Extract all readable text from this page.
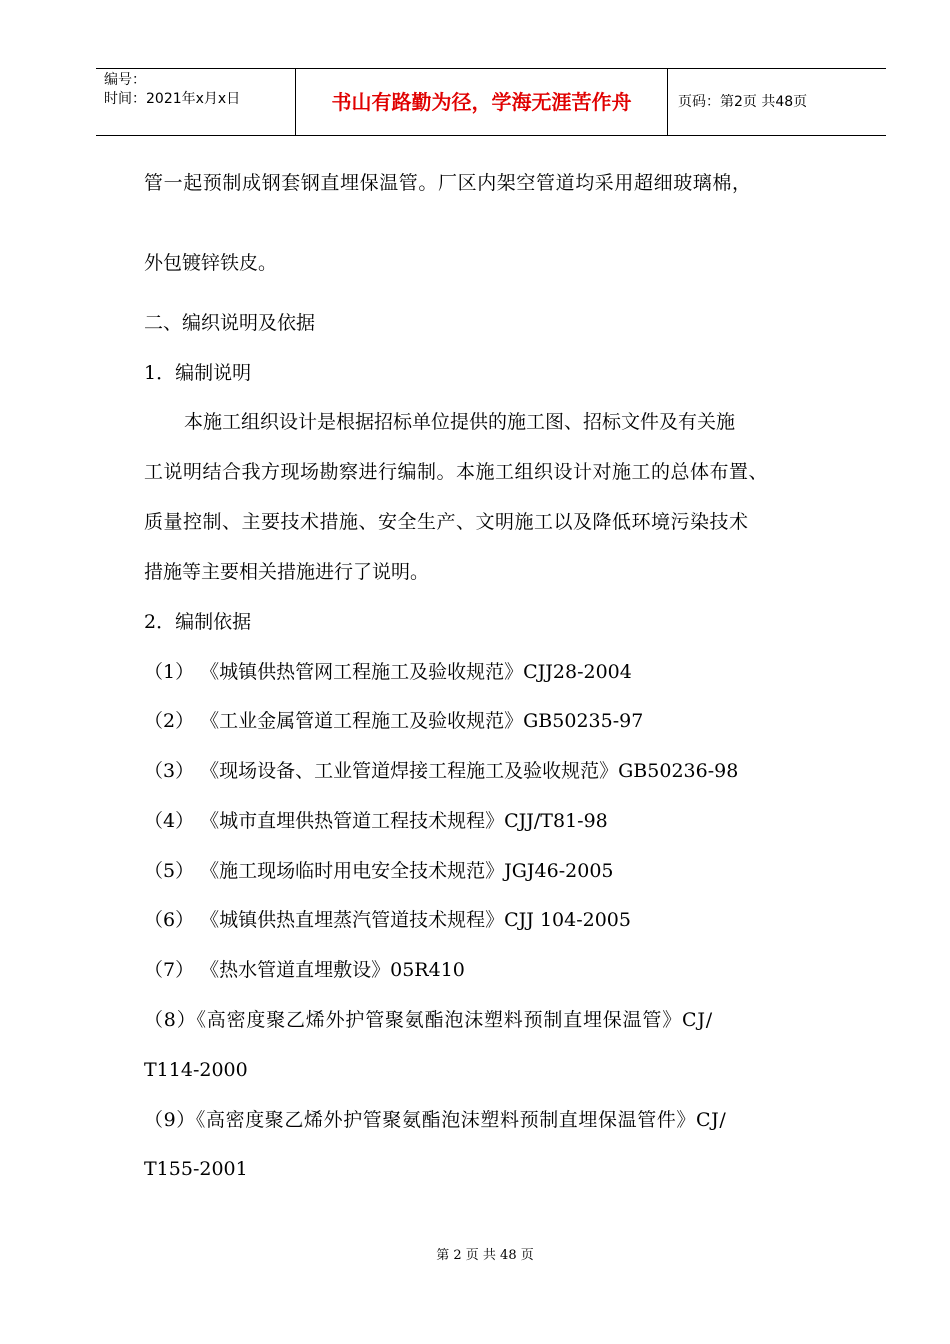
编号：
时间：2021年x月x日	书山有路勤为径，学海无涯苦作舟	页码：第2页 共48页
管一起预制成钢套钢直埋保温管。厂区内架空管道均采用超细玻璃棉，
外包镀锌铁皮。
二、编织说明及依据
1．编制说明
本施工组织设计是根据招标单位提供的施工图、招标文件及有关施
工说明结合我方现场勘察进行编制。本施工组织设计对施工的总体布置、
质量控制、主要技术措施、安全生产、文明施工以及降低环境污染技术
措施等主要相关措施进行了说明。
2．编制依据
（1） 《城镇供热管网工程施工及验收规范》CJJ28-2004
（2） 《工业金属管道工程施工及验收规范》GB50235-97
（3） 《现场设备、工业管道焊接工程施工及验收规范》GB50236-98
（4） 《城市直埋供热管道工程技术规程》CJJ/T81-98
（5） 《施工现场临时用电安全技术规范》JGJ46-2005
（6） 《城镇供热直埋蒸汽管道技术规程》CJJ 104-2005
（7） 《热水管道直埋敷设》05R410
（8）《高密度聚乙烯外护管聚氨酯泡沫塑料预制直埋保温管》CJ/
T114-2000
（9）《高密度聚乙烯外护管聚氨酯泡沫塑料预制直埋保温管件》CJ/
T155-2001
第 2 页 共 48 页
